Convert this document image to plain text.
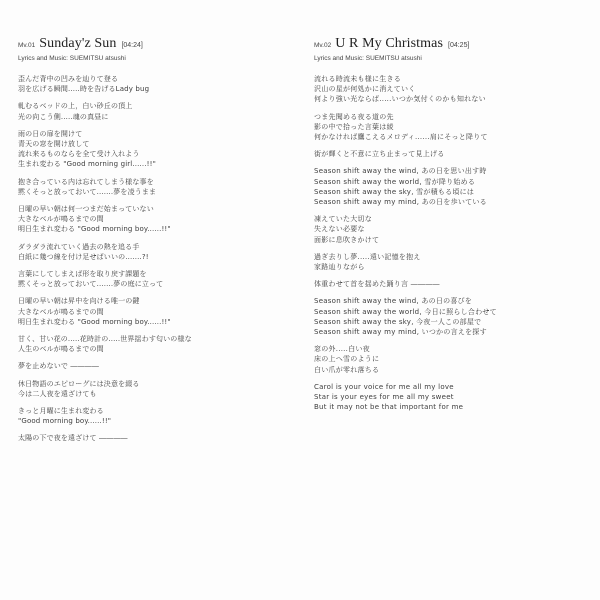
Mv.01 Sunday'z Sun [04:24]
Lyrics and Music: SUEMITSU atsushi
歪んだ背中の凹みを辿りて登る
羽を広げる瞬間.....時を告げるLady bug
軋むるベッドの上，白い砂丘の頂上
光の向こう側.....魂の真昼に
雨の日の扉を開けて
青天の窓を開け放して
流れ来るものならを全て受け入れよう
生まれ変わる "Good morning girl......!!"
抱き合っている内は忘れてしまう様な事を
黙くそっと放っておいて.......夢を凌うまま
日曜の早い朝は何一つまだ始まっていない
大きなベルが鳴るまでの間
明日生まれ変わる "Good morning boy......!!"
ダラダラ流れていく過去の熱を追る手
白紙に幾つ線を付け足せばいいの.......?!
言葉にしてしまえば形を取り戻す課題を
黙くそっと放っておいて.......夢の庭に立って
日曜の早い朝は昇中を向ける唯一の鍵
大きなベルが鳴るまでの間
明日生まれ変わる "Good morning boy......!!"
甘く、甘い花の.....花時計の.....世界揺わす匂いの様な
人生のベルが鳴るまでの間
夢を止めないで ――――
休日物語のエピローグには決意を綴る
今は二人夜を遠ざけても
きっと月曜に生まれ変わる
"Good morning boy......!!"
太陽の下で夜を遠ざけて ――――
Mv.02 U R My Christmas [04:25]
Lyrics and Music: SUEMITSU atsushi
流れる時流未も様に生きる
沢山の星が何処かに消えていく
何より強い光ならば.....いつか気付くのかも知れない
つま先聞める夜る道の先
影の中で拾った言葉は綾
何かなければ鷹こえるメロディ......肩にそっと降りて
街が輝くと不意に立ち止まって見上げる
Season shift away the wind, あの日を思い出す時
Season shift away the world, 雪が降り始める
Season shift away the sky, 雪が積もる頃には
Season shift away my mind, あの日を歩いている
凍えていた大切な
失えない必要な
面影に息吹きかけて
過ぎ去りし夢.....遠い記憶を抱え
家路辿りながら
体重わせて首を揺めた踊り言 ――――
Season shift away the wind, あの日の喜びを
Season shift away the world, 今日に照らし合わせて
Season shift away the sky, 今夜一人この部屋で
Season shift away my mind, いつかの言えを探す
窓の外.....白い夜
床の上へ雪のように
白い爪が零れ落ちる
Carol is your voice for me all my love
Star is your eyes for me all my sweet
But it may not be that important for me
